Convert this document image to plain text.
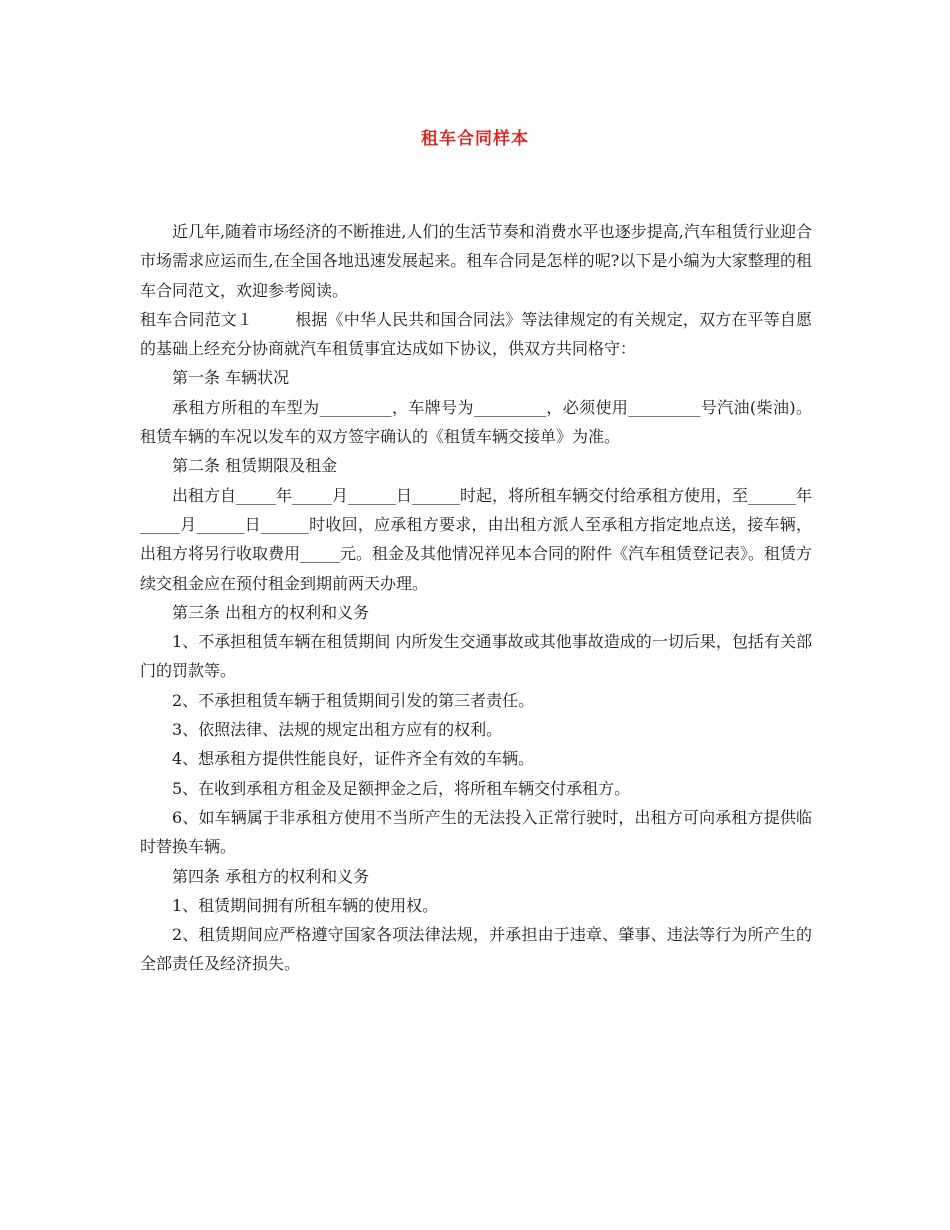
租车合同样本

近几年,随着市场经济的不断推进,人们的生活节奏和消费水平也逐步提高,汽车租赁行业迎合市场需求应运而生,在全国各地迅速发展起来。租车合同是怎样的呢?以下是小编为大家整理的租车合同范文，欢迎参考阅读。

租车合同范文１	根据《中华人民共和国合同法》等法律规定的有关规定，双方在平等自愿的基础上经充分协商就汽车租赁事宜达成如下协议，供双方共同格守：

第一条 车辆状况

承租方所租的车型为_________，车牌号为_________，必须使用_________号汽油(柴油)。租赁车辆的车况以发车的双方签字确认的《租赁车辆交接单》为准。

第二条 租赁期限及租金

出租方自_____年_____月______日______时起，将所租车辆交付给承租方使用，至______年_____月______日______时收回，应承租方要求，由出租方派人至承租方指定地点送，接车辆，出租方将另行收取费用_____元。租金及其他情况祥见本合同的附件《汽车租赁登记表》。租赁方续交租金应在预付租金到期前两天办理。

第三条 出租方的权利和义务

1、不承担租赁车辆在租赁期间 内所发生交通事故或其他事故造成的一切后果，包括有关部门的罚款等。

2、不承担租赁车辆于租赁期间引发的第三者责任。

3、依照法律、法规的规定出租方应有的权利。

4、想承租方提供性能良好，证件齐全有效的车辆。

5、在收到承租方租金及足额押金之后，将所租车辆交付承租方。

6、如车辆属于非承租方使用不当所产生的无法投入正常行驶时，出租方可向承租方提供临时替换车辆。

第四条 承租方的权利和义务

1、租赁期间拥有所租车辆的使用权。

2、租赁期间应严格遵守国家各项法律法规，并承担由于违章、肇事、违法等行为所产生的全部责任及经济损失。
